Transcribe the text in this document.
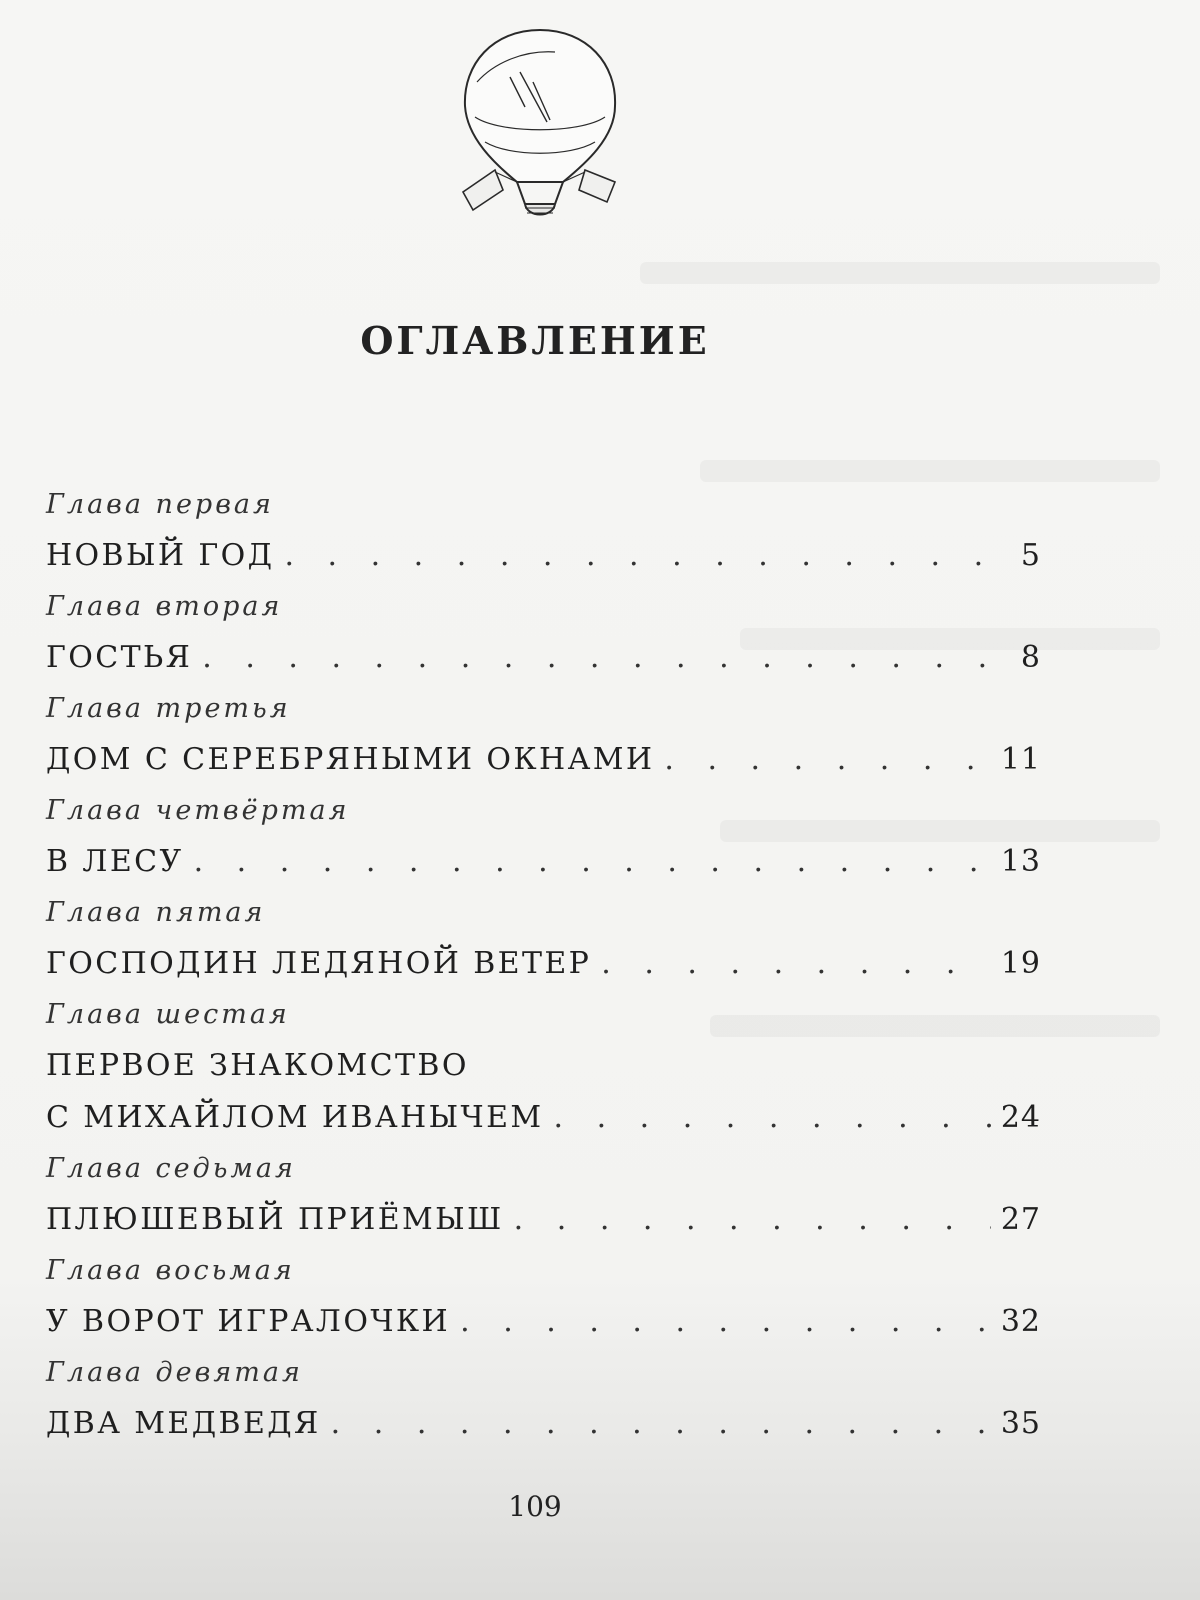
ОГЛАВЛЕНИЕ
Глава первая
НОВЫЙ ГОД . . .	5
Глава вторая
ГОСТЬЯ . . .	8
Глава третья
ДОМ С СЕРЕБРЯНЫМИ ОКНАМИ . . .	11
Глава четвёртая
В ЛЕСУ . . .	13
Глава пятая
ГОСПОДИН ЛЕДЯНОЙ ВЕТЕР . . .	19
Глава шестая
ПЕРВОЕ ЗНАКОМСТВО
С МИХАЙЛОМ ИВАНЫЧЕМ . . .	24
Глава седьмая
ПЛЮШЕВЫЙ ПРИЁМЫШ . . .	27
Глава восьмая
У ВОРОТ ИГРАЛОЧКИ . . .	32
Глава девятая
ДВА МЕДВЕДЯ . . .	35
109
